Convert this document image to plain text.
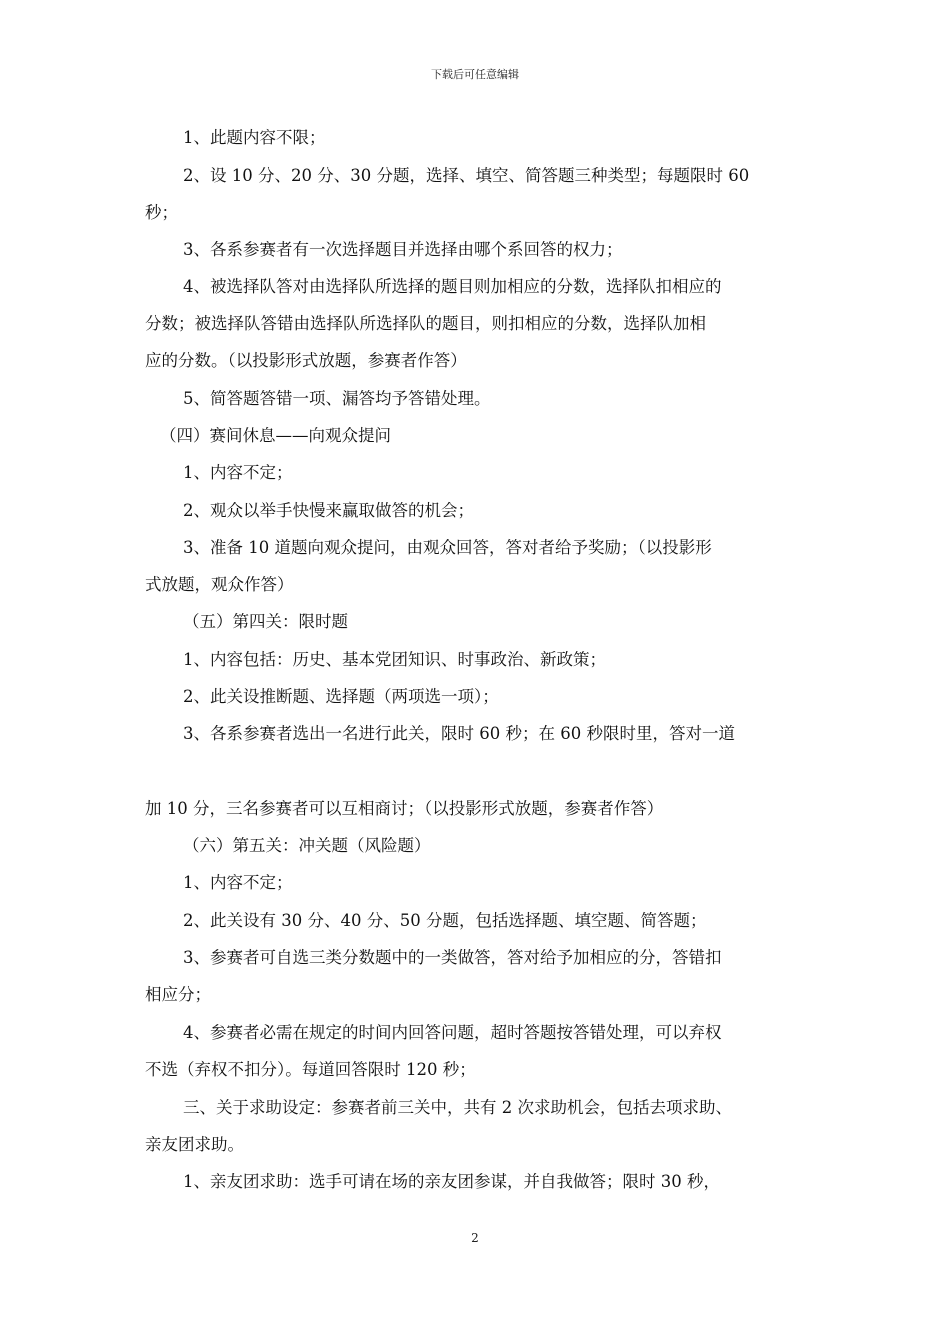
下载后可任意编辑
1、此题内容不限；
2、设 10 分、20 分、30 分题，选择、填空、简答题三种类型；每题限时 60
秒；
3、各系参赛者有一次选择题目并选择由哪个系回答的权力；
4、被选择队答对由选择队所选择的题目则加相应的分数，选择队扣相应的
分数；被选择队答错由选择队所选择队的题目，则扣相应的分数，选择队加相
应的分数。（以投影形式放题，参赛者作答）
5、简答题答错一项、漏答均予答错处理。
（四）赛间休息——向观众提问
1、内容不定；
2、观众以举手快慢来赢取做答的机会；
3、准备 10 道题向观众提问，由观众回答，答对者给予奖励；（以投影形
式放题，观众作答）
（五）第四关：限时题
1、内容包括：历史、基本党团知识、时事政治、新政策；
2、此关设推断题、选择题（两项选一项）；
3、各系参赛者选出一名进行此关，限时 60 秒；在 60 秒限时里，答对一道
加 10 分，三名参赛者可以互相商讨；（以投影形式放题，参赛者作答）
（六）第五关：冲关题（风险题）
1、内容不定；
2、此关设有 30 分、40 分、50 分题，包括选择题、填空题、简答题；
3、参赛者可自选三类分数题中的一类做答，答对给予加相应的分，答错扣
相应分；
4、参赛者必需在规定的时间内回答问题，超时答题按答错处理，可以弃权
不选（弃权不扣分）。每道回答限时 120 秒；
三、关于求助设定：参赛者前三关中，共有 2 次求助机会，包括去项求助、
亲友团求助。
1、亲友团求助：选手可请在场的亲友团参谋，并自我做答；限时 30 秒，
2
